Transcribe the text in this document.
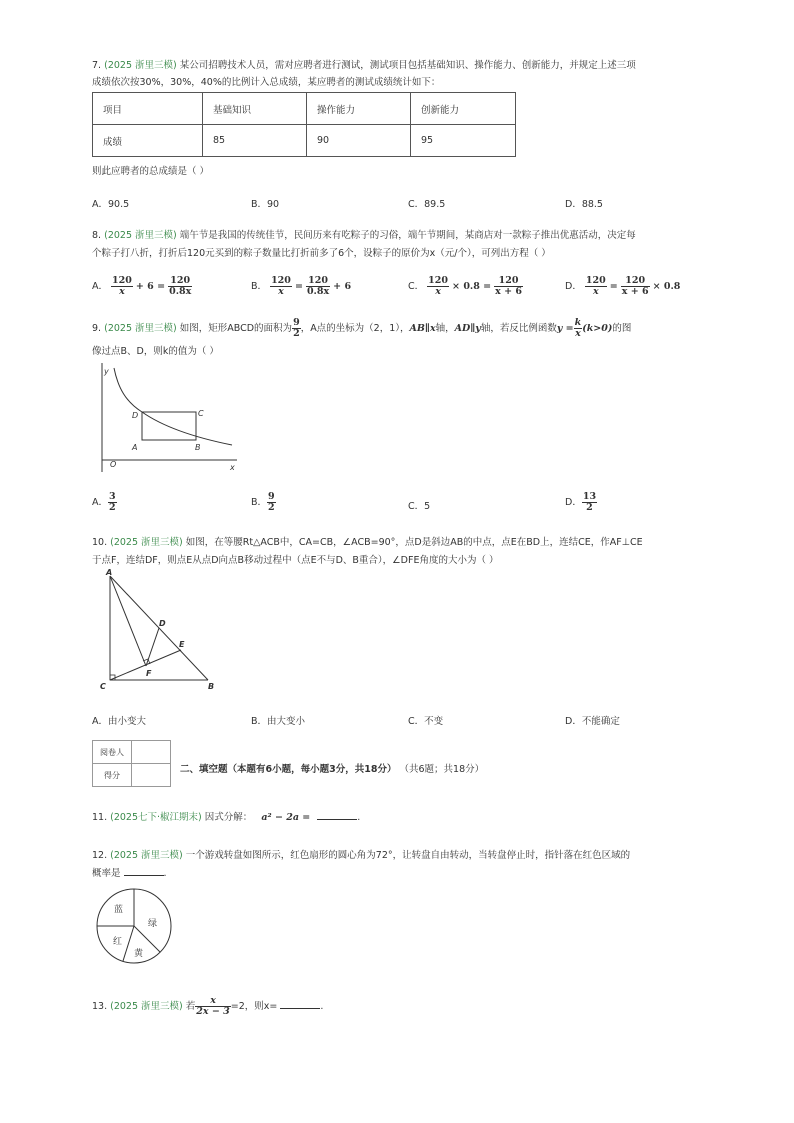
7. (2025 浙里三模) 某公司招聘技术人员，需对应聘者进行测试，测试项目包括基础知识、操作能力、创新能力，并规定上述三项
成绩依次按30%，30%，40%的比例计入总成绩，某应聘者的测试成绩统计如下：
项目	基础知识	操作能力	创新能力
成绩	85	90	95
则此应聘者的总成绩是（ ）
A．90.5	B．90	C．89.5	D．88.5
8. (2025 浙里三模) 端午节是我国的传统佳节，民间历来有吃粽子的习俗，端午节期间，某商店对一款粽子推出优惠活动，决定每
个粽子打八折，打折后120元买到的粽子数量比打折前多了6个，设粽子的原价为x（元/个），可列出方程（ ）
A． $\frac{120}{x} + 6 = \frac{120}{0.8x}$	B． $\frac{120}{x} = \frac{120}{0.8x} + 6$	C． $\frac{120}{x} \times 0.8 = \frac{120}{x + 6}$	D． $\frac{120}{x} = \frac{120}{x + 6} \times 0.8$
9. (2025 浙里三模) 如图，矩形ABCD的面积为 $\frac{9}{2}$ ，A点的坐标为（2，1），AB∥x轴，AD∥y轴，若反比例函数$y = \frac{k}{x} (k>0)$的图
像过点B、D，则k的值为（ ）
y
x
O
A	B
C
D
A． $\frac{3}{2}$	B． $\frac{9}{2}$	C．5	D． $\frac{13}{2}$
10. (2025 浙里三模) 如图，在等腰Rt△ACB中，CA=CB，∠ACB=90°，点D是斜边AB的中点，点E在BD上，连结CE，作AF⊥CE
于点F，连结DF，则点E从点D向点B移动过程中（点E不与D、B重合），∠DFE角度的大小为（ ）
A
B
C
D
E
F
A．由小变大	B．由大变小	C．不变	D．不能确定
阅卷人	
得分		二、填空题（本题有6小题，每小题3分，共18分） （共6题；共18分）
11. (2025七下·椒江期末) 因式分解： a² − 2a =	.
12. (2025 浙里三模) 一个游戏转盘如图所示，红色扇形的圆心角为72°，让转盘自由转动，当转盘停止时，指针落在红色区域的
概率是	.
蓝
绿
红
黄
13. (2025 浙里三模) 若 $\frac{x}{2x - 3} =2$，则x=	.
